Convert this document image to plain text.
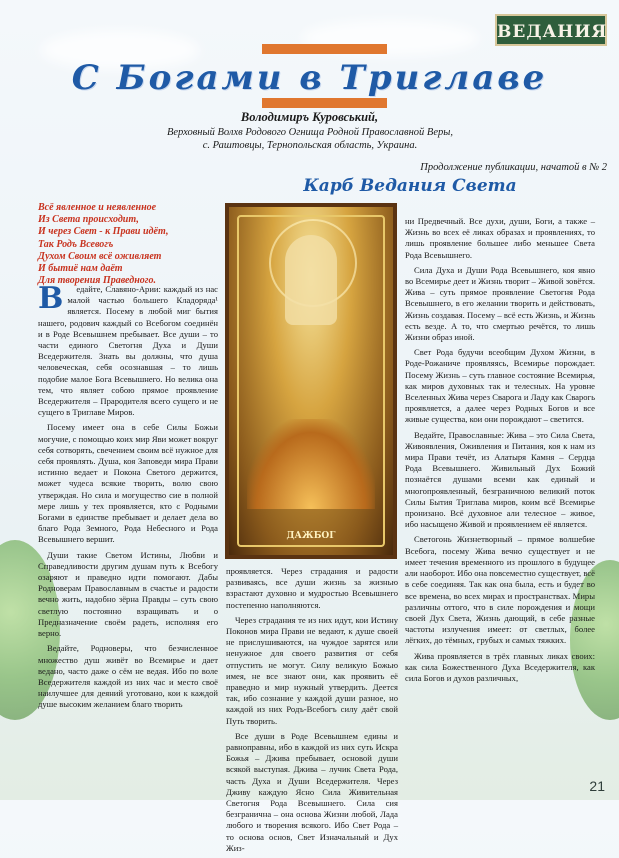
ВЕДАНИЯ
С Богами в Триглаве
Володимиръ Куровський,
Верховный Волхв Родового Огнища Родной Православной Веры,
с. Раштовцы, Тернопольская область, Украина.
Продолжение публикации, начатой в № 2
Карб Ведания Света
Всё явленное и неявленное
Из Света происходит,
И через Свет - к Прави идёт,
Так Родъ Всевогъ
Духом Своим всё оживляет
И бытиё нам даёт
Для творения Праведного.

В едайте, Славяно-Арии: каждый из нас малой частью большего Кладорядa¹ является. Посему в любой миг бытия нашего, родович каждый со Всебогом соединён и в Роде Всевышнем пребывает. Все души – то части единого Светогня Духа и Души Вседержителя. Знать вы должны, что душа человеческая, себя осознавшая – то лишь подобие малое Бога Всевышнего. Но велика она тем, что являет собою прямое проявление Вседержителя – Прародителя всего сущего и не сущего в Триглаве Миров.

Посему имеет она в себе Силы Божьи могучие, с помощью коих мир Яви может вокруг себя сотворять, свечением своим всё нужное для себя проявлять. Душа, коя Заповеди мира Прави истинно ведает и Покона Светого держится, может чудеса всякие творить, волю свою утверждая. Но сила и могущество сие в полной мере лишь у тех проявляется, кто с Родными Богами в единстве пребывает и делает дела во благо Рода Земного, Рода Небесного и Рода Всевышнего вершит.

Души такие Светом Истины, Любви и Справедливости другим душам путь к Всебогу озаряют и праведно идти помогают. Дабы Родноверам Православным в счастье и радости вечно жить, надобно зёрна Правды – суть свою светлую постоянно взращивать и о Предназначение своём радеть, исполняя его верно.

Ведайте, Родноверы, что безчисленное множество душ живёт во Всемирье и дает ведано, часто даже о сём не ведая. Ибо по воле Вседержителя каждой из них час и место своё наилучшее для деяний уготовано, кои к каждой душе высоким желанием благо творить

ДАЖБОГ

проявляется. Через страдания и радости развиваясь, все души жизнь за жизнью взрастают духовно и мудростью Всевышнего постепенно наполняются.

Через страдания те из них идут, кои Истину Поконов мира Прави не ведают, к душе своей не прислушиваются, на чуждое зарятся или ненужное для своего развития от себя отпустить не могут. Силу великую Божью имея, не все знают они, как проявить её праведно и мир нужный утвердить. Деется так, ибо сознание у каждой души разное, но каждой из них Родъ-Всебогъ силу даёт свой Путь творить.

Все души в Роде Всевышнем едины и равноправны, ибо в каждой из них суть Искра Божья – Джива пребывает, основой души всякой выступая. Джива – лучик Света Рода, часть Духа и Души Вседержителя. Через Дживу каждую Ясно Сила Живительная Светогня Рода Всевышнего. Сила сия безгранична – она основа Жизни любой, Лада любого и творения всякого. Ибо Свет Рода – то основа основ, Свет Изначальный и Дух Жиз-

ни Предвечный. Все духи, души, Боги, а также – Жизнь во всех её ликах образах и проявлениях, то лишь проявление большее либо меньшее Света Рода Всевышнего.

Сила Духа и Души Рода Всевышнего, коя явно во Всемирье деет и Жизнь творит – Живой зовётся. Жива – суть прямое проявление Светогня Рода Всевышнего, в его желании творить и действовать, Жизнь создавая. Посему – всё есть Жизнь, и Жизнь есть везде. А то, что смертью речётся, то лишь Жизни образ иной.

Свет Рода будучи всеобщим Духом Жизни, в Роде-Рожаниче проявляясь, Всемирье порождает. Посему Жизнь – суть главное состояние Всемирья, как миров духовных так и телесных. На уровне Вселенных Жива через Сварога и Ладу как Сварогь проявляется, а далее через Родных Богов и все живые существа, кои они порождают – светится.

Ведайте, Православные: Жива – это Сила Света, Живоявления, Оживления и Питания, коя к нам из мира Прави течёт, из Алатыря Камня – Сердца Рода Всевышнего. Живильный Дух Божий познаётся душами всеми как единый и многопроявленный, безграничною великий поток Силы Бытия Триглава миров, коим всё Всемирье пронизано. Всё духовное али телесное – живое, ибо насыщено Живой и проявлением её является.

Светогонь Жизнетворный – прямое волшебие Всебога, посему Жива вечно существует и не имеет течения временного из прошлого в будущее али наоборот. Ибо она повсеместно существует, всё в себе соединяя. Так как она была, есть и будет во все времена, во всех мирах и пространствах. Миры различны оттого, что в силе порождения и мощи своей Дух Света, Жизнь дающий, в себе разные частоты излучения имеет: от светлых, более лёгких, до тёмных, грубых и самых тяжких.

Жива проявляется в трёх главных ликах своих: как сила Божественного Духа Вседержителя, как сила Богов и духов различных,

21
